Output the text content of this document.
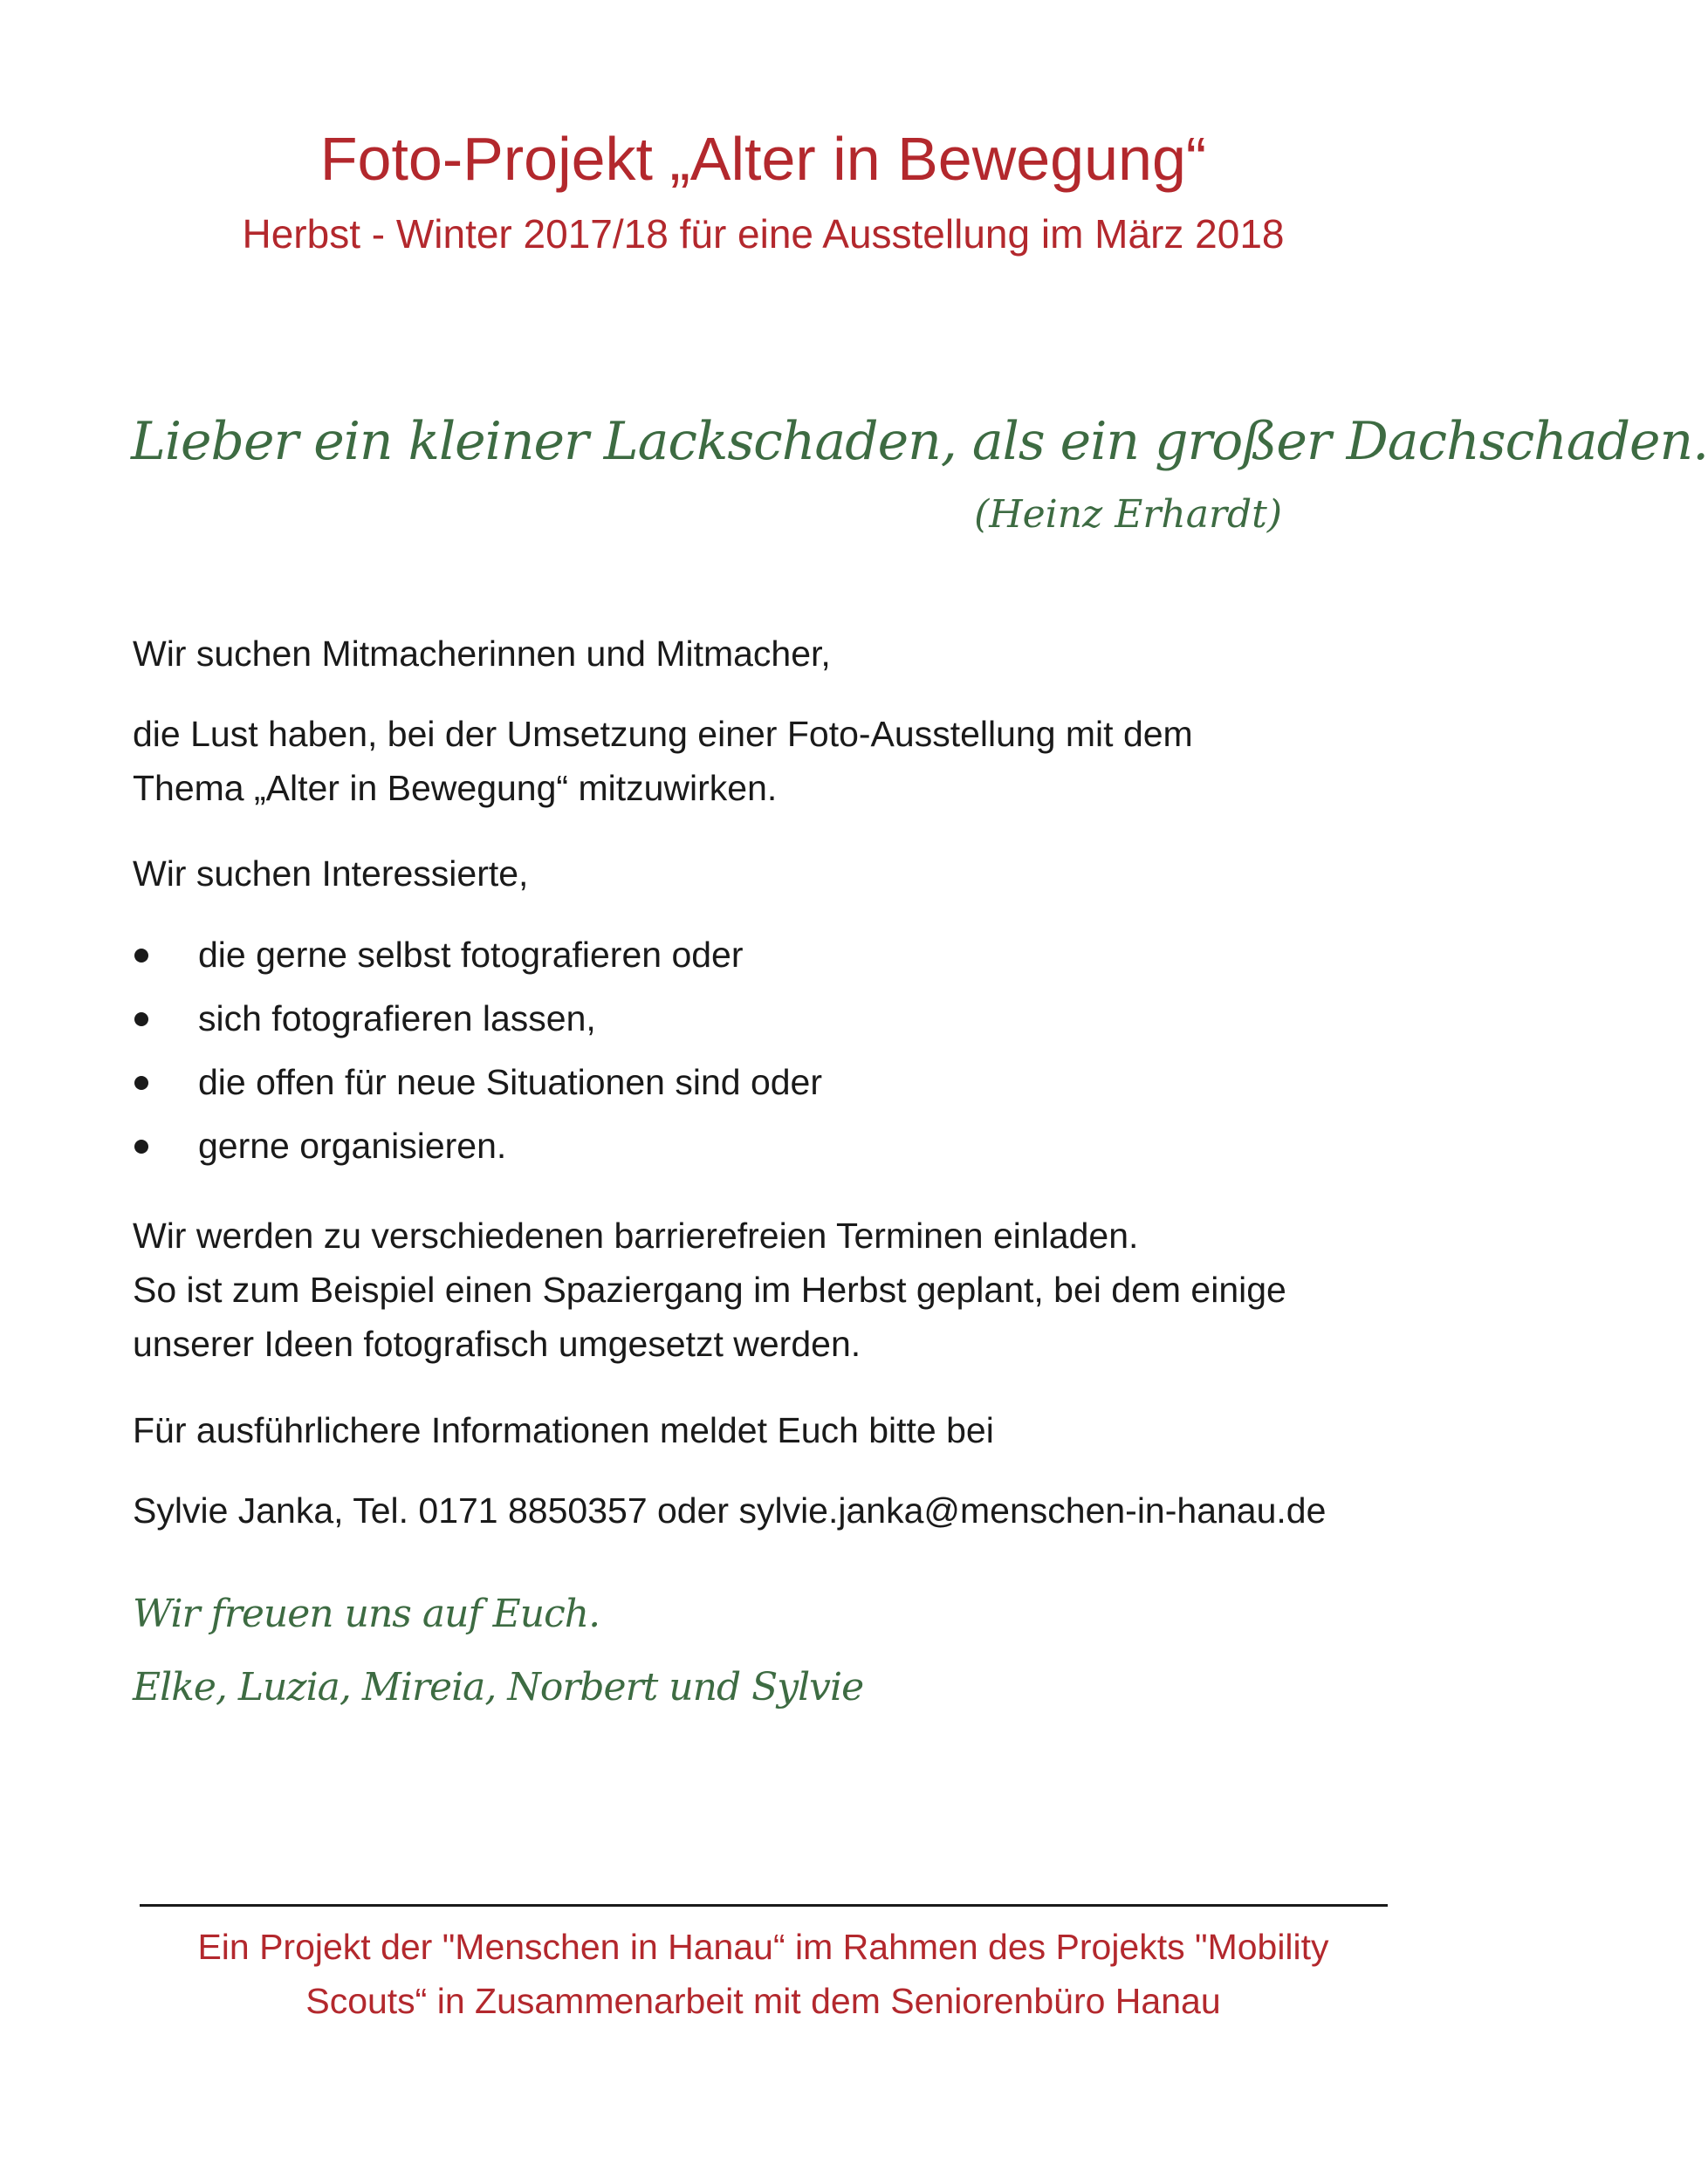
Foto-Projekt „Alter in Bewegung“
Herbst - Winter 2017/18 für eine Ausstellung im März 2018
Lieber ein kleiner Lackschaden, als ein großer Dachschaden.
(Heinz Erhardt)

Wir suchen Mitmacherinnen und Mitmacher,

die Lust haben, bei der Umsetzung einer Foto-Ausstellung mit dem
Thema „Alter in Bewegung“ mitzuwirken.

Wir suchen Interessierte,

die gerne selbst fotografieren oder
sich fotografieren lassen,
die offen für neue Situationen sind oder
gerne organisieren.
Wir werden zu verschiedenen barrierefreien Terminen einladen.
So ist zum Beispiel einen Spaziergang im Herbst geplant, bei dem einige
unserer Ideen fotografisch umgesetzt werden.

Für ausführlichere Informationen meldet Euch bitte bei

Sylvie Janka, Tel. 0171 8850357 oder sylvie.janka@menschen-in-hanau.de

Wir freuen uns auf Euch.
Elke, Luzia, Mireia, Norbert und Sylvie
Ein Projekt der "Menschen in Hanau“ im Rahmen des Projekts "Mobility
Scouts“ in Zusammenarbeit mit dem Seniorenbüro Hanau
